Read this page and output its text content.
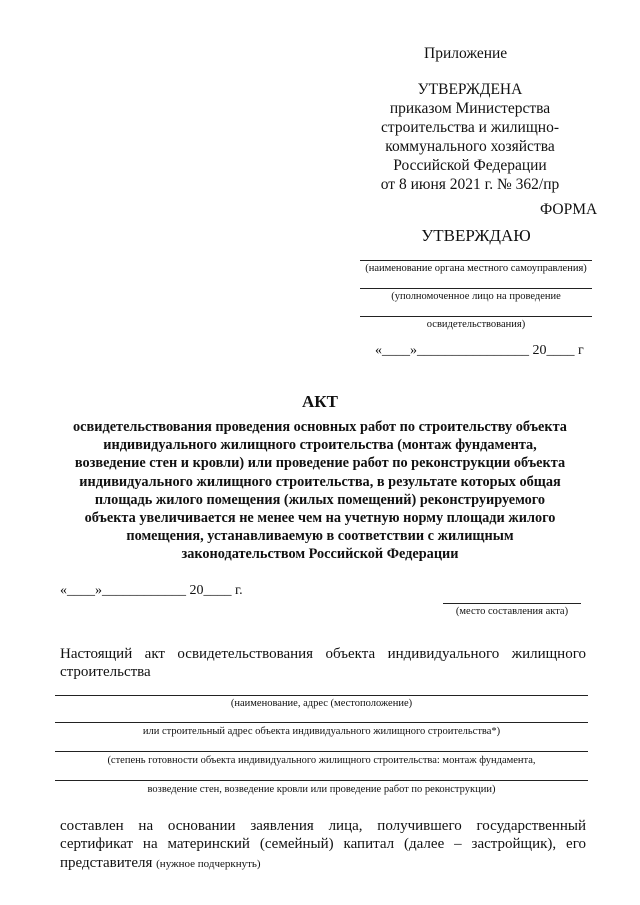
Приложение
УТВЕРЖДЕНА
приказом Министерства
строительства и жилищно-
коммунального хозяйства
Российской Федерации
от 8 июня 2021 г. № 362/пр
ФОРМА
УТВЕРЖДАЮ
(наименование органа местного самоуправления)
(уполномоченное лицо на проведение
освидетельствования)
«____»________________ 20____ г
АКТ
освидетельствования проведения основных работ по строительству объекта
индивидуального жилищного строительства (монтаж фундамента,
возведение стен и кровли) или проведение работ по реконструкции объекта
индивидуального жилищного строительства, в результате которых общая
площадь жилого помещения (жилых помещений) реконструируемого
объекта увеличивается не менее чем на учетную норму площади жилого
помещения, устанавливаемую в соответствии с жилищным
законодательством Российской Федерации
«____»____________ 20____ г.
(место составления акта)
Настоящий акт освидетельствования объекта индивидуального жилищного
строительства
(наименование, адрес (местоположение)
или строительный адрес объекта индивидуального жилищного строительства*)
(степень готовности объекта индивидуального жилищного строительства: монтаж фундамента,
возведение стен, возведение кровли или проведение работ по реконструкции)
составлен на основании заявления лица, получившего государственный
сертификат на материнский (семейный) капитал (далее – застройщик), его
представителя (нужное подчеркнуть)
